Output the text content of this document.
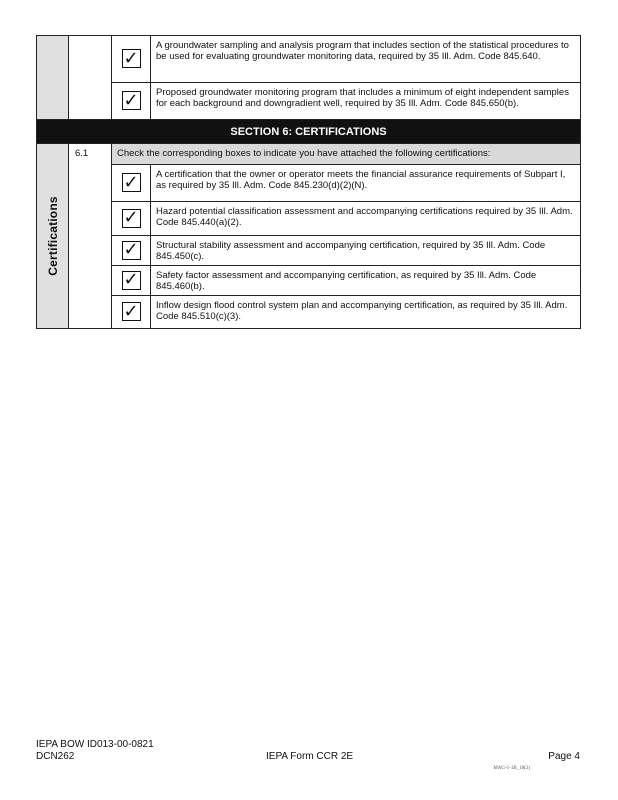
		✓	A groundwater sampling and analysis program that includes section of the statistical procedures to be used for evaluating groundwater monitoring data, required by 35 Ill. Adm. Code 845.640.
		✓	Proposed groundwater monitoring program that includes a minimum of eight independent samples for each background and downgradient well, required by 35 Ill. Adm. Code 845.650(b).
SECTION 6: CERTIFICATIONS			

Certifications	6.1	Check the corresponding boxes to indicate you have attached the following certifications:	
		✓	A certification that the owner or operator meets the financial assurance requirements of Subpart I, as required by 35 Ill. Adm. Code 845.230(d)(2)(N).
		✓	Hazard potential classification assessment and accompanying certifications required by 35 Ill. Adm. Code 845.440(a)(2).
		✓	Structural stability assessment and accompanying certification, required by 35 Ill. Adm. Code 845.450(c).
		✓	Safety factor assessment and accompanying certification, as required by 35 Ill. Adm. Code 845.460(b).
		✓	Inflow design flood control system plan and accompanying certification, as required by 35 Ill. Adm. Code 845.510(c)(3).
IEPA BOW ID013-00-0821
DCN262	IEPA Form CCR 2E	Page 4
MAG-1-1B_18(2)
